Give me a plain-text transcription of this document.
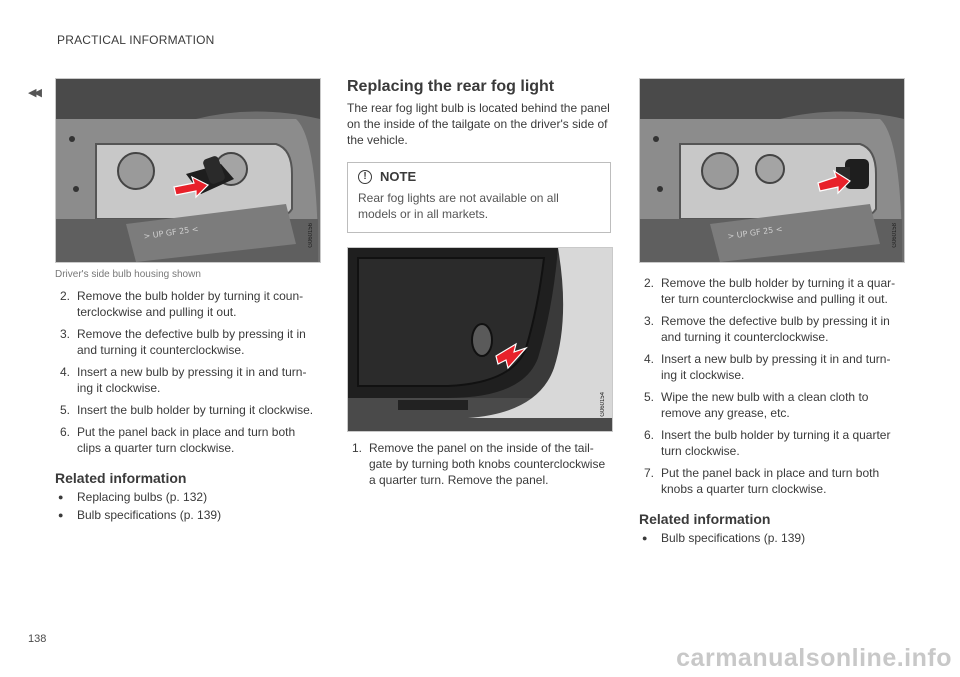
PRACTICAL INFORMATION
◀◀
> UP GF 25 <	G060156
Driver's side bulb housing shown
2. Remove the bulb holder by turning it coun-terclockwise and pulling it out.
3. Remove the defective bulb by pressing it in and turning it counterclockwise.
4. Insert a new bulb by pressing it in and turn-ing it clockwise.
5. Insert the bulb holder by turning it clockwise.
6. Put the panel back in place and turn both clips a quarter turn clockwise.
Related information
● Replacing bulbs (p. 132)
● Bulb specifications (p. 139)
Replacing the rear fog light

The rear fog light bulb is located behind the panel on the inside of the tailgate on the driver's side of the vehicle.

!	NOTE
Rear fog lights are not available on all models or in all markets.
G060154
1. Remove the panel on the inside of the tail-gate by turning both knobs counterclockwise a quarter turn. Remove the panel.
> UP GF 25 <	G060158
2. Remove the bulb holder by turning it a quar-ter turn counterclockwise and pulling it out.
3. Remove the defective bulb by pressing it in and turning it counterclockwise.
4. Insert a new bulb by pressing it in and turn-ing it clockwise.
5. Wipe the new bulb with a clean cloth to remove any grease, etc.
6. Insert the bulb holder by turning it a quarter turn clockwise.
7. Put the panel back in place and turn both knobs a quarter turn clockwise.
Related information
● Bulb specifications (p. 139)
138
carmanualsonline.info
